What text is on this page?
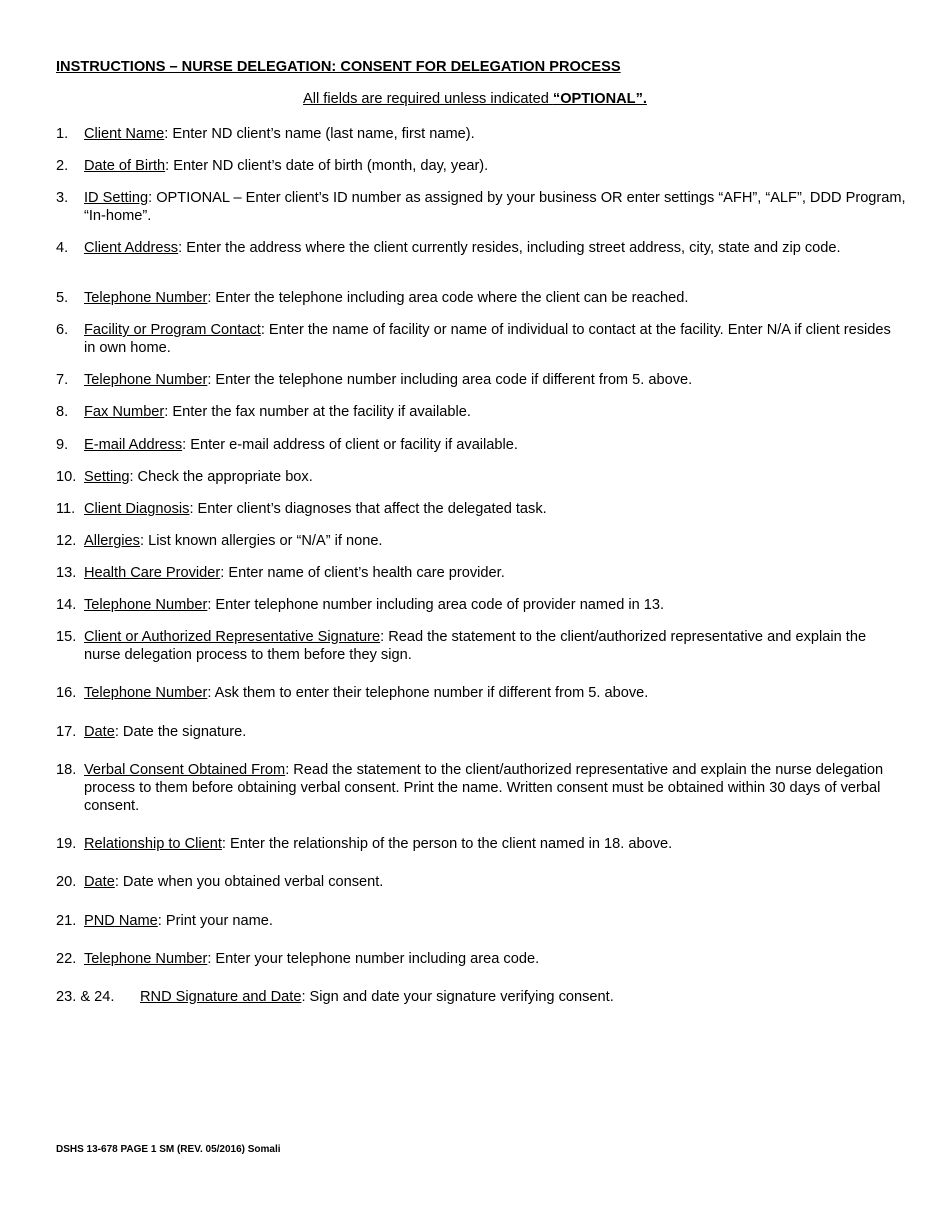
INSTRUCTIONS – NURSE DELEGATION: CONSENT FOR DELEGATION PROCESS
All fields are required unless indicated “OPTIONAL”.
1. Client Name: Enter ND client’s name (last name, first name).
2. Date of Birth: Enter ND client’s date of birth (month, day, year).
3. ID Setting: OPTIONAL – Enter client’s ID number as assigned by your business OR enter settings “AFH”, “ALF”, DDD Program, “In-home”.
4. Client Address: Enter the address where the client currently resides, including street address, city, state and zip code.
5. Telephone Number: Enter the telephone including area code where the client can be reached.
6. Facility or Program Contact: Enter the name of facility or name of individual to contact at the facility. Enter N/A if client resides in own home.
7. Telephone Number: Enter the telephone number including area code if different from 5. above.
8. Fax Number: Enter the fax number at the facility if available.
9. E-mail Address: Enter e-mail address of client or facility if available.
10. Setting: Check the appropriate box.
11. Client Diagnosis: Enter client’s diagnoses that affect the delegated task.
12. Allergies: List known allergies or “N/A” if none.
13. Health Care Provider: Enter name of client’s health care provider.
14. Telephone Number: Enter telephone number including area code of provider named in 13.
15. Client or Authorized Representative Signature: Read the statement to the client/authorized representative and explain the nurse delegation process to them before they sign.
16. Telephone Number: Ask them to enter their telephone number if different from 5. above.
17. Date: Date the signature.
18. Verbal Consent Obtained From: Read the statement to the client/authorized representative and explain the nurse delegation process to them before obtaining verbal consent. Print the name. Written consent must be obtained within 30 days of verbal consent.
19. Relationship to Client: Enter the relationship of the person to the client named in 18. above.
20. Date: Date when you obtained verbal consent.
21. PND Name: Print your name.
22. Telephone Number: Enter your telephone number including area code.
23. & 24. RND Signature and Date: Sign and date your signature verifying consent.
DSHS 13-678 PAGE 1 SM (REV. 05/2016) Somali
